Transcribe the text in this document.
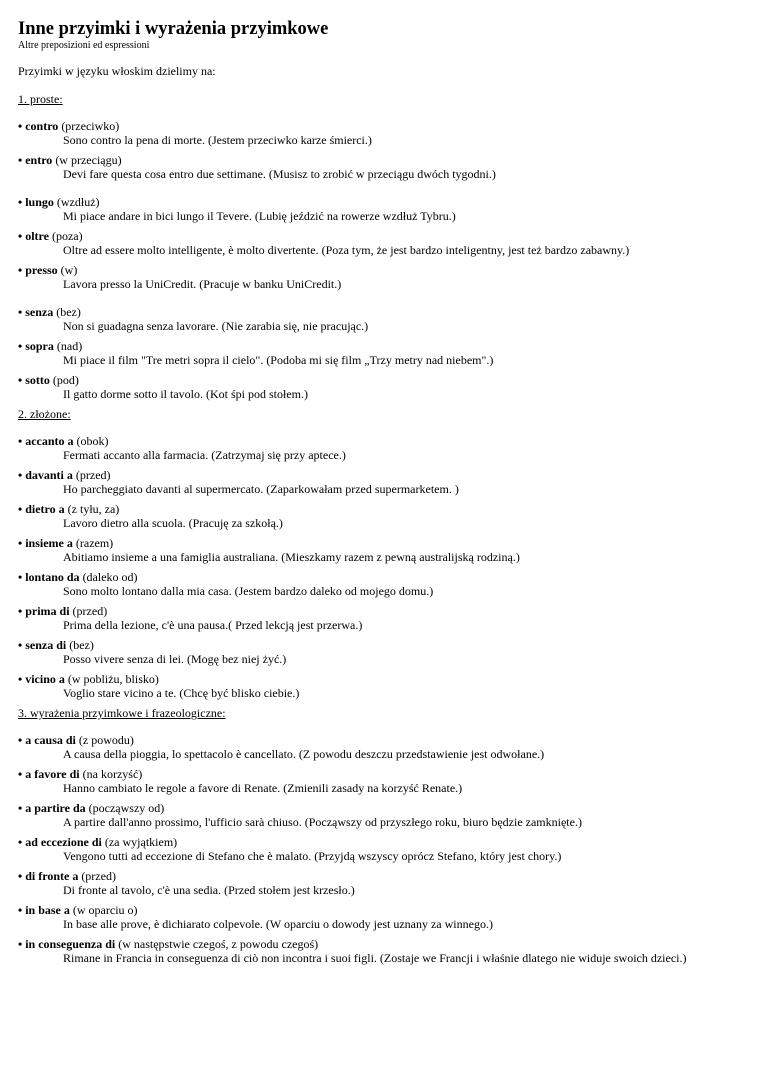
Inne przyimki i wyrażenia przyimkowe
Altre preposizioni ed espressioni
Przyimki w języku włoskim dzielimy na:
1. proste:
• contro (przeciwko)
Sono contro la pena di morte. (Jestem przeciwko karze śmierci.)
• entro (w przeciągu)
Devi fare questa cosa entro due settimane. (Musisz to zrobić w przeciągu dwóch tygodni.)
• lungo (wzdłuż)
Mi piace andare in bici lungo il Tevere. (Lubię jeździć na rowerze wzdłuż Tybru.)
• oltre (poza)
Oltre ad essere molto intelligente, è molto divertente. (Poza tym, że jest bardzo inteligentny, jest też bardzo zabawny.)
• presso (w)
Lavora presso la UniCredit. (Pracuje w banku UniCredit.)
• senza (bez)
Non si guadagna senza lavorare. (Nie zarabia się, nie pracując.)
• sopra (nad)
Mi piace il film "Tre metri sopra il cielo". (Podoba mi się film „Trzy metry nad niebem".)
• sotto (pod)
Il gatto dorme sotto il tavolo. (Kot śpi pod stołem.)
2. złożone:
• accanto a (obok)
Fermati accanto alla farmacia. (Zatrzymaj się przy aptece.)
• davanti a (przed)
Ho parcheggiato davanti al supermercato. (Zaparkowałam przed supermarketem. )
• dietro a (z tyłu, za)
Lavoro dietro alla scuola. (Pracuję za szkołą.)
• insieme a (razem)
Abitiamo insieme a una famiglia australiana. (Mieszkamy razem z pewną australijską rodziną.)
• lontano da (daleko od)
Sono molto lontano dalla mia casa. (Jestem bardzo daleko od mojego domu.)
• prima di (przed)
Prima della lezione, c'è una pausa.( Przed lekcją jest przerwa.)
• senza di (bez)
Posso vivere senza di lei. (Mogę bez niej żyć.)
• vicino a (w pobliżu, blisko)
Voglio stare vicino a te. (Chcę być blisko ciebie.)
3. wyrażenia przyimkowe i frazeologiczne:
• a causa di (z powodu)
A causa della pioggia, lo spettacolo è cancellato. (Z powodu deszczu przedstawienie jest odwołane.)
• a favore di (na korzyść)
Hanno cambiato le regole a favore di Renate. (Zmienili zasady na korzyść Renate.)
• a partire da (począwszy od)
A partire dall'anno prossimo, l'ufficio sarà chiuso. (Począwszy od przyszłego roku, biuro będzie zamknięte.)
• ad eccezione di (za wyjątkiem)
Vengono tutti ad eccezione di Stefano che è malato. (Przyjdą wszyscy oprócz Stefano, który jest chory.)
• di fronte a (przed)
Di fronte al tavolo, c'è una sedia. (Przed stołem jest krzesło.)
• in base a (w oparciu o)
In base alle prove, è dichiarato colpevole. (W oparciu o dowody jest uznany za winnego.)
• in conseguenza di (w następstwie czegoś, z powodu czegoś)
Rimane in Francia in conseguenza di ciò non incontra i suoi figli. (Zostaje we Francji i właśnie dlatego nie widuje swoich dzieci.)
